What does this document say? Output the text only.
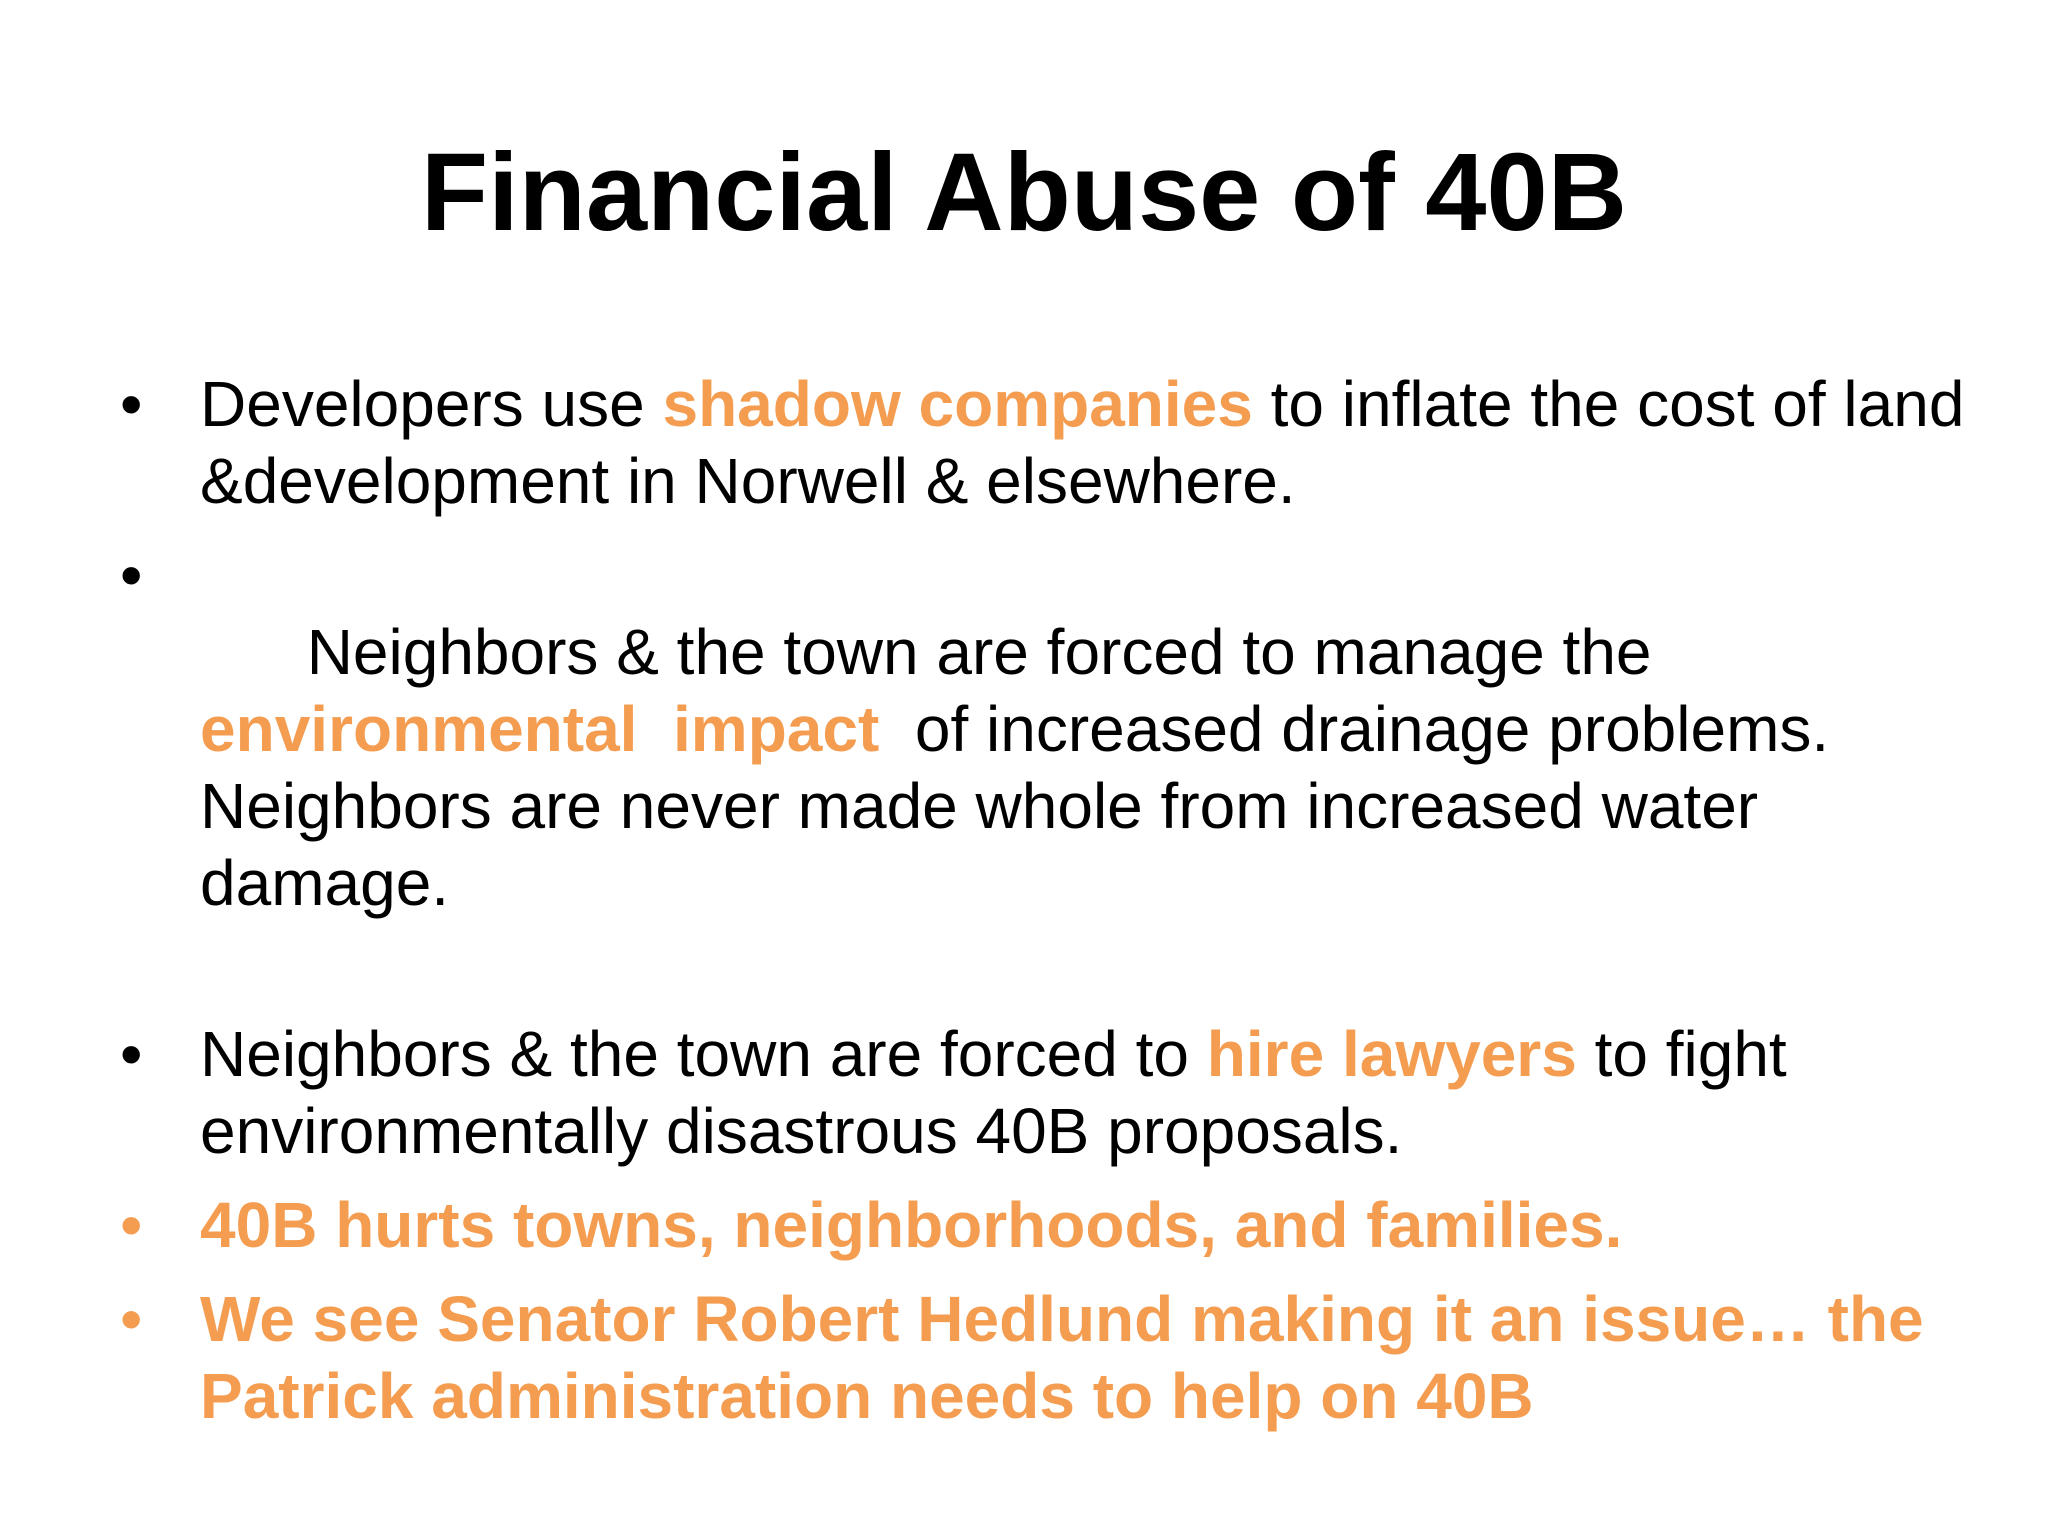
Financial Abuse of 40B
• Developers use shadow companies to inflate the cost of land &development in Norwell & elsewhere.

•
Neighbors & the town are forced to manage the environmental  impact  of increased drainage problems.  Neighbors are never made whole from increased water damage.

• Neighbors & the town are forced to hire lawyers to fight environmentally disastrous 40B proposals.
• 40B hurts towns, neighborhoods, and families.
• We see Senator Robert Hedlund making it an issue… the Patrick administration needs to help on 40B
